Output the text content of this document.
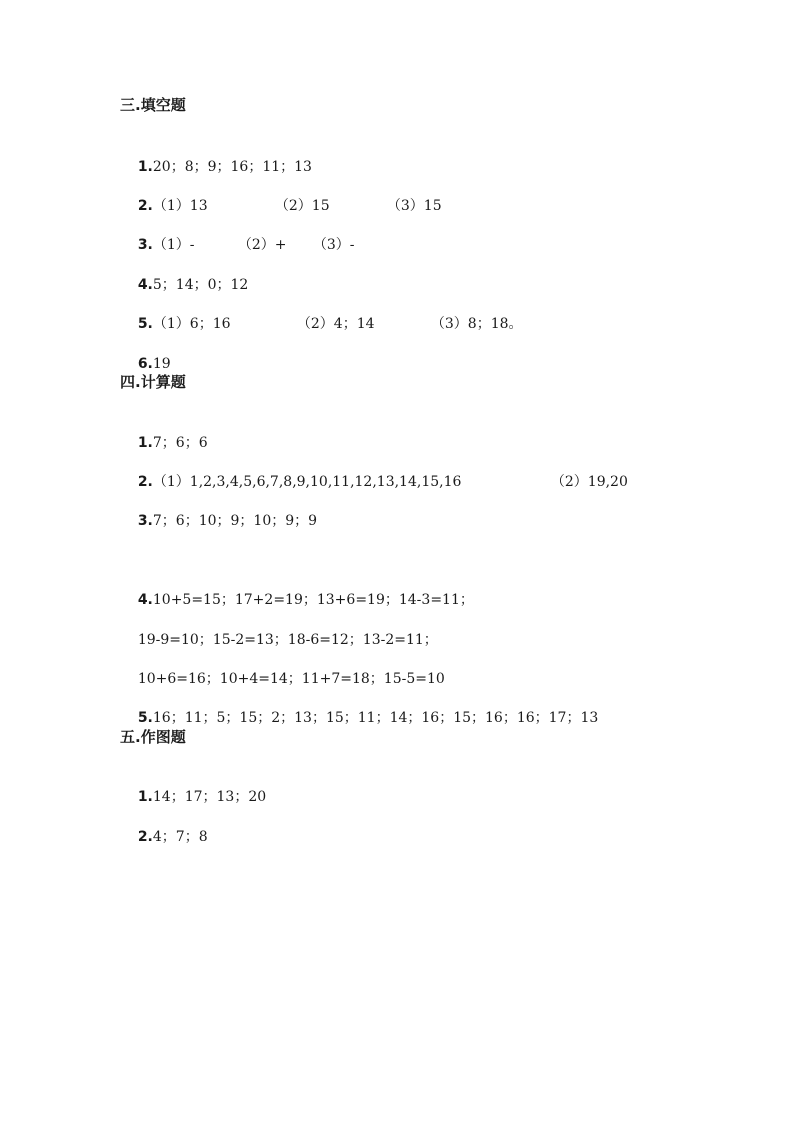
三.填空题

1.20；8；9；16；11；13

2.（1）13	（2）15	（3）15

3.（1）-	（2）+ （3）-

4.5；14；0；12

5.（1）6；16	（2）4；14	（3）8；18。

6.19

四.计算题

1.7；6；6

2.（1）1,2,3,4,5,6,7,8,9,10,11,12,13,14,15,16	（2）19,20

3.7；6；10；9；10；9；9

4.10+5=15；17+2=19；13+6=19；14-3=11；

19-9=10；15-2=13；18-6=12；13-2=11；

10+6=16；10+4=14；11+7=18；15-5=10

5.16；11；5；15；2；13；15；11；14；16；15；16；16；17；13

五.作图题

1.14；17；13；20

2.4；7；8
